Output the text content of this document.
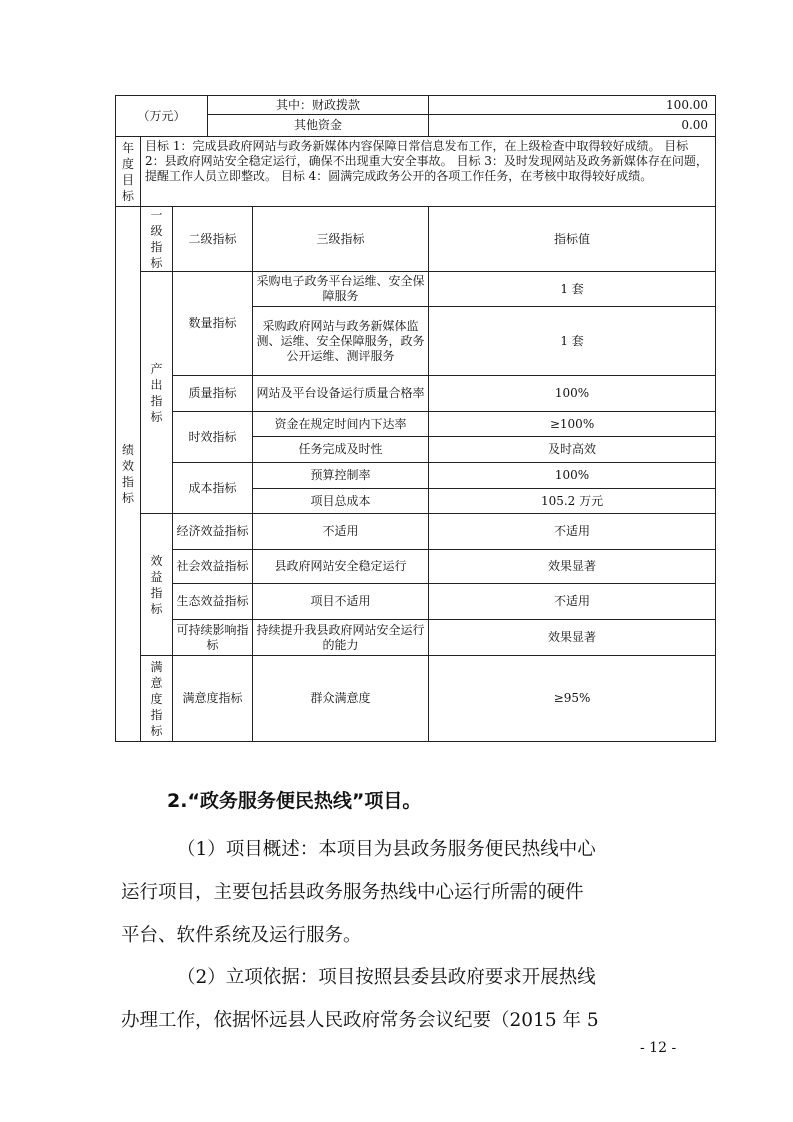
（万元）			其中：财政拨款		100.00
			其他资金		0.00

年度目标	目标 1：完成县政府网站与政务新媒体内容保障日常信息发布工作，在上级检查中取得较好成绩。 目标 2：县政府网站安全稳定运行，确保不出现重大安全事故。 目标 3：及时发现网站及政务新媒体存在问题，提醒工作人员立即整改。 目标 4：圆满完成政务公开的各项工作任务，在考核中取得较好成绩。				

绩效指标	一级指标	二级指标		三级指标	指标值

	产出指标	数量指标		采购电子政务平台运维、安全保障服务	1 套
				采购政府网站与政务新媒体监测、运维、安全保障服务，政务公开运维、测评服务	1 套
		质量指标		网站及平台设备运行质量合格率	100%
		时效指标		资金在规定时间内下达率	≥100%
				任务完成及时性	及时高效
		成本指标		预算控制率	100%
				项目总成本	105.2 万元

	效益指标	经济效益指标		不适用	不适用
		社会效益指标		县政府网站安全稳定运行	效果显著
		生态效益指标		项目不适用	不适用
		可持续影响指标		持续提升我县政府网站安全运行的能力	效果显著

	满意度指标	满意度指标		群众满意度	≥95%

2.“政务服务便民热线”项目。

（1）项目概述：本项目为县政务服务便民热线中心

运行项目，主要包括县政务服务热线中心运行所需的硬件

平台、软件系统及运行服务。

（2）立项依据：项目按照县委县政府要求开展热线

办理工作，依据怀远县人民政府常务会议纪要（2015 年 5

- 12 -
